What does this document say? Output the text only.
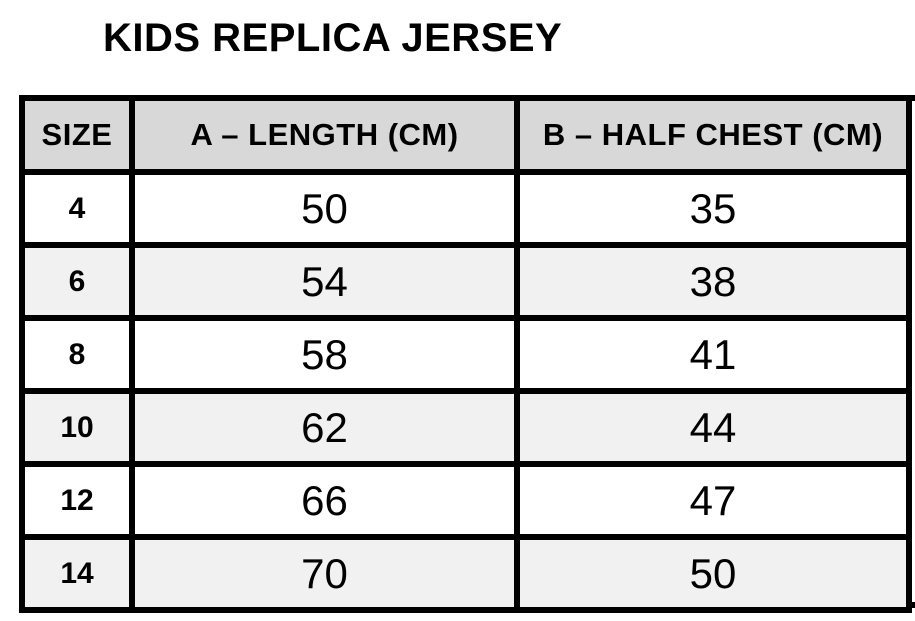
KIDS REPLICA JERSEY
SIZE	A – LENGTH (CM)	B – HALF CHEST (CM)
4	50	35
6	54	38
8	58	41
10	62	44
12	66	47
14	70	50
